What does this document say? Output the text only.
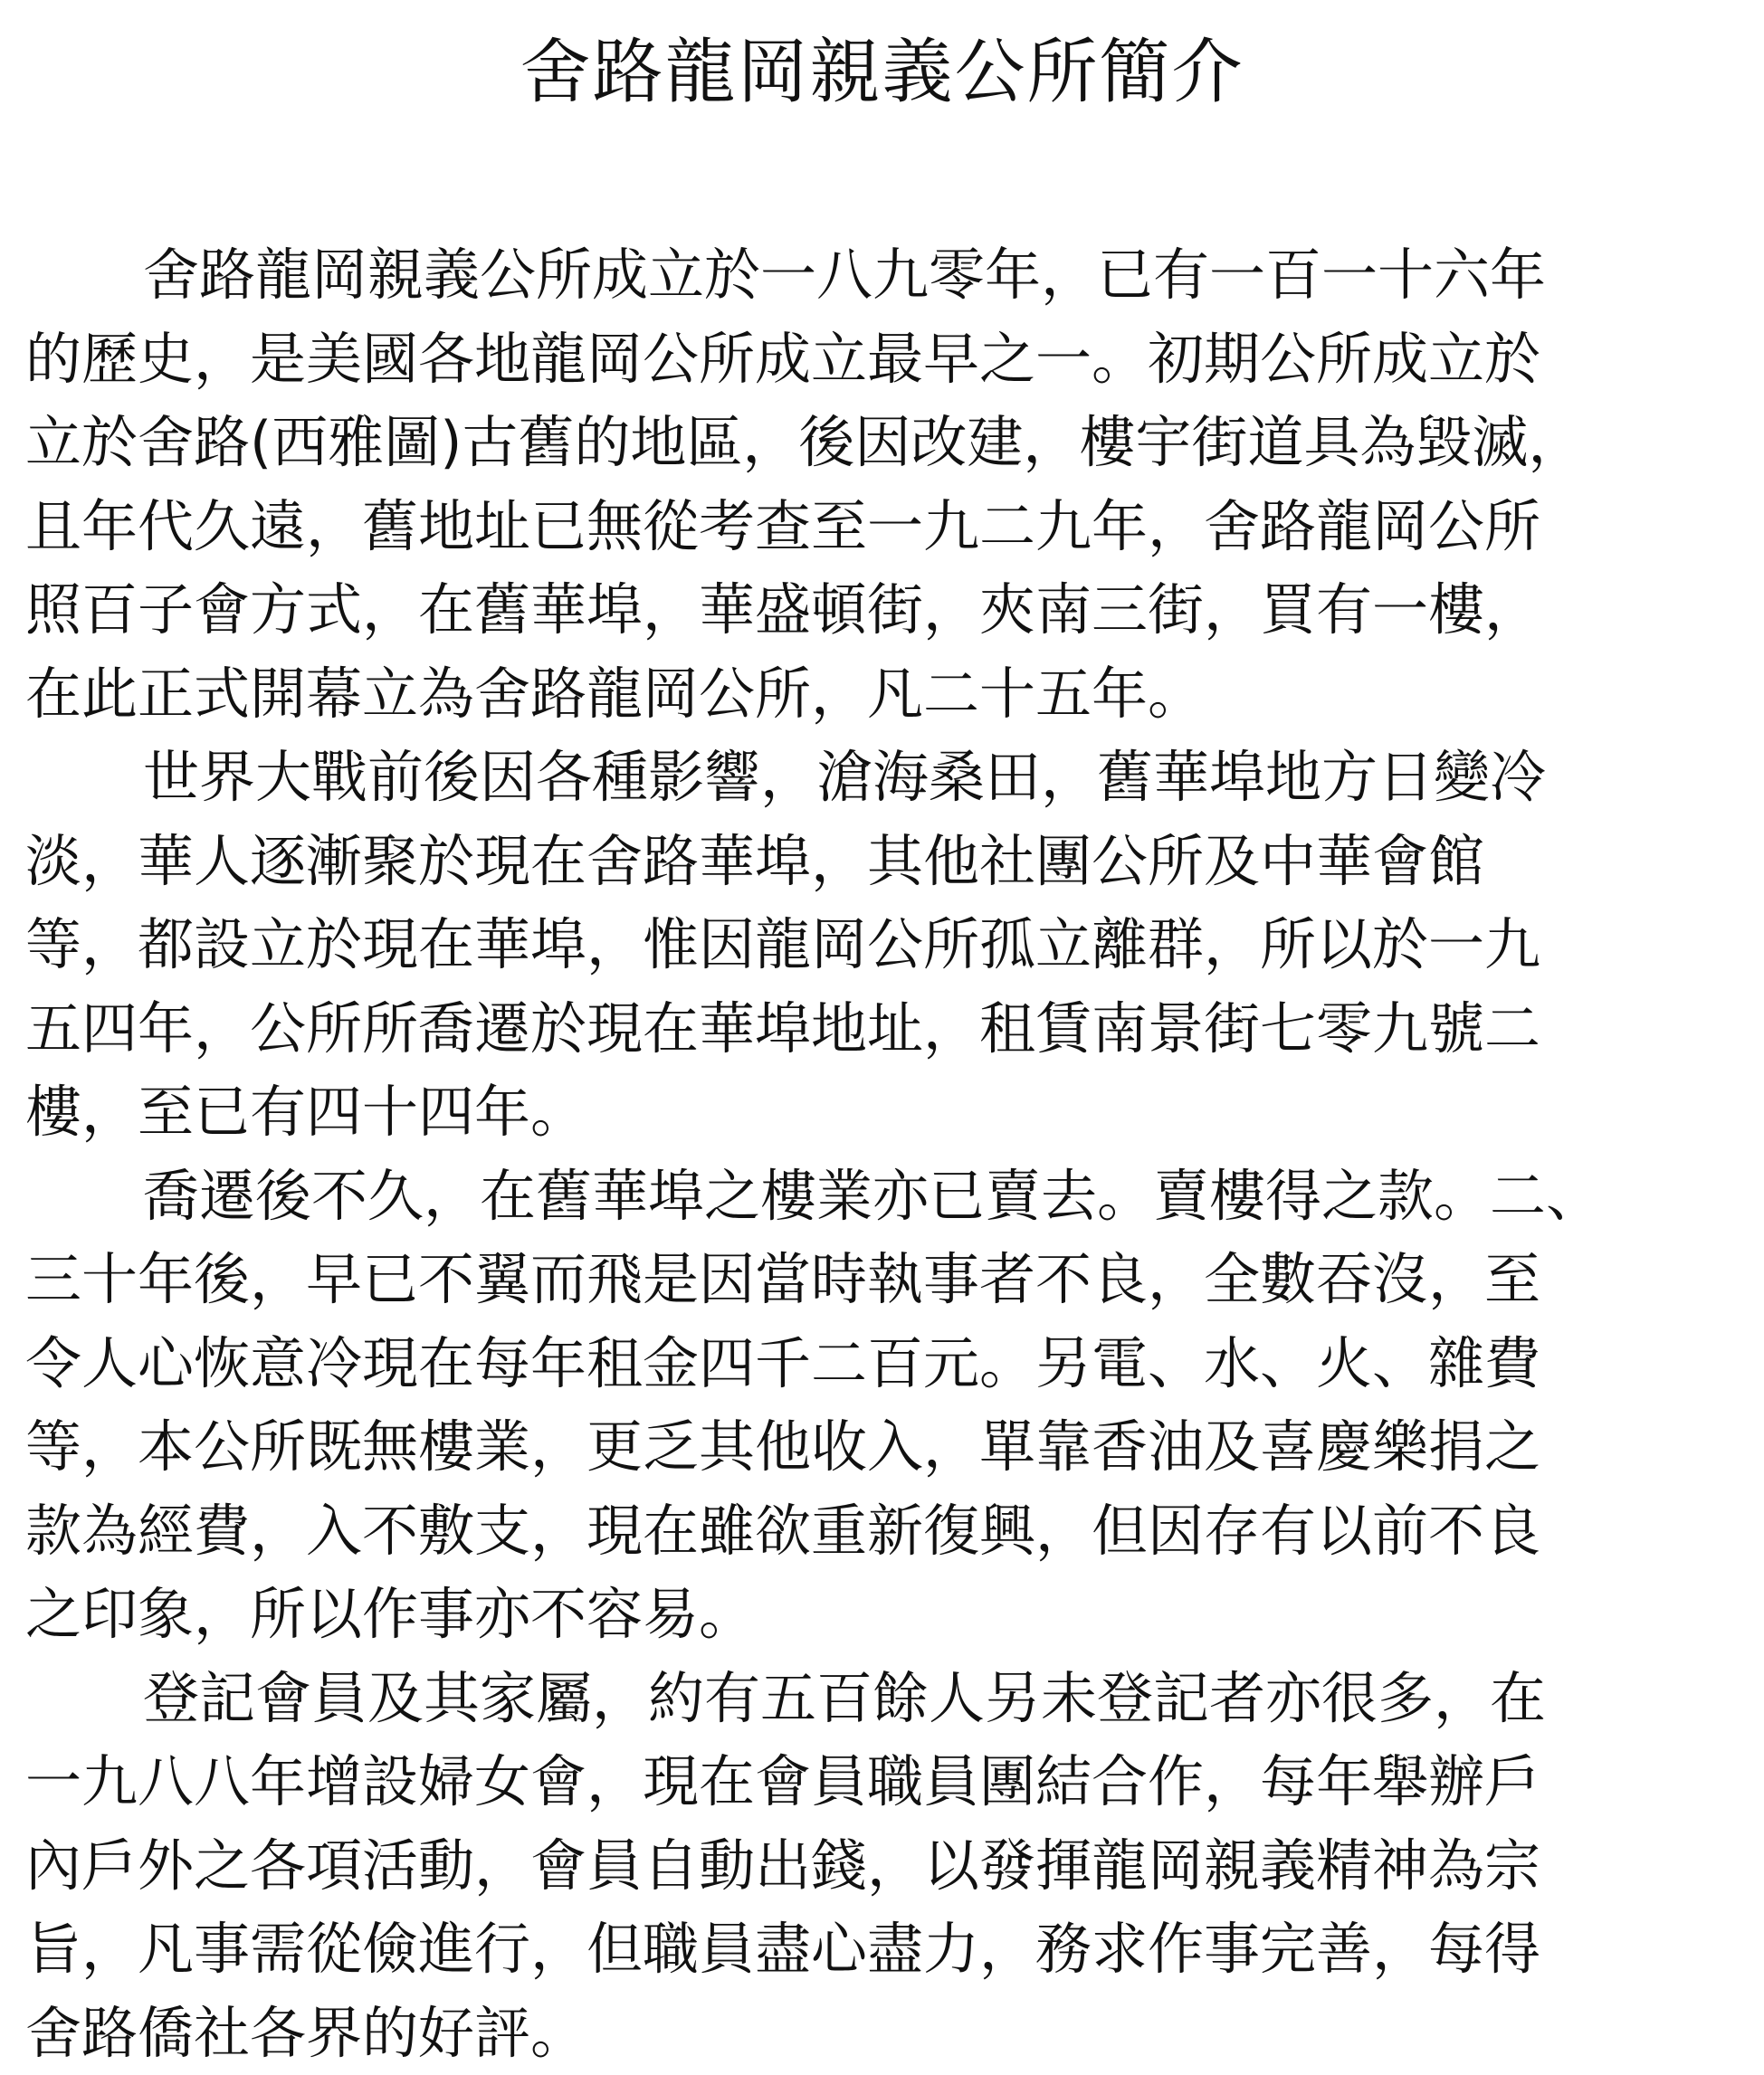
舍路龍岡親義公所簡介
舍路龍岡親義公所成立於一八九零年，已有一百一十六年
的歷史，是美國各地龍岡公所成立最早之一。初期公所成立於
立於舍路(西雅圖)古舊的地區，後因改建，樓宇街道具為毀滅，
且年代久遠，舊地址已無從考查至一九二九年，舍路龍岡公所
照百子會方式，在舊華埠，華盛頓街，夾南三街，買有一樓，
在此正式開幕立為舍路龍岡公所，凡二十五年。
世界大戰前後因各種影響，滄海桑田，舊華埠地方日變冷
淡，華人逐漸聚於現在舍路華埠，其他社團公所及中華會館
等，都設立於現在華埠，惟因龍岡公所孤立離群，所以於一九
五四年，公所所喬遷於現在華埠地址，租賃南景街七零九號二
樓，至已有四十四年。
喬遷後不久，在舊華埠之樓業亦已賣去。賣樓得之款。二、
三十年後，早已不翼而飛是因當時執事者不良，全數吞沒，至
令人心恢意冷現在每年租金四千二百元。另電、水、火、雜費
等，本公所既無樓業，更乏其他收入，單靠香油及喜慶樂捐之
款為經費，入不敷支，現在雖欲重新復興，但因存有以前不良
之印象，所以作事亦不容易。
登記會員及其家屬，約有五百餘人另未登記者亦很多，在
一九八八年增設婦女會，現在會員職員團結合作，每年舉辦戶
內戶外之各項活動，會員自動出錢，以發揮龍岡親義精神為宗
旨，凡事需從儉進行，但職員盡心盡力，務求作事完善，每得
舍路僑社各界的好評。
